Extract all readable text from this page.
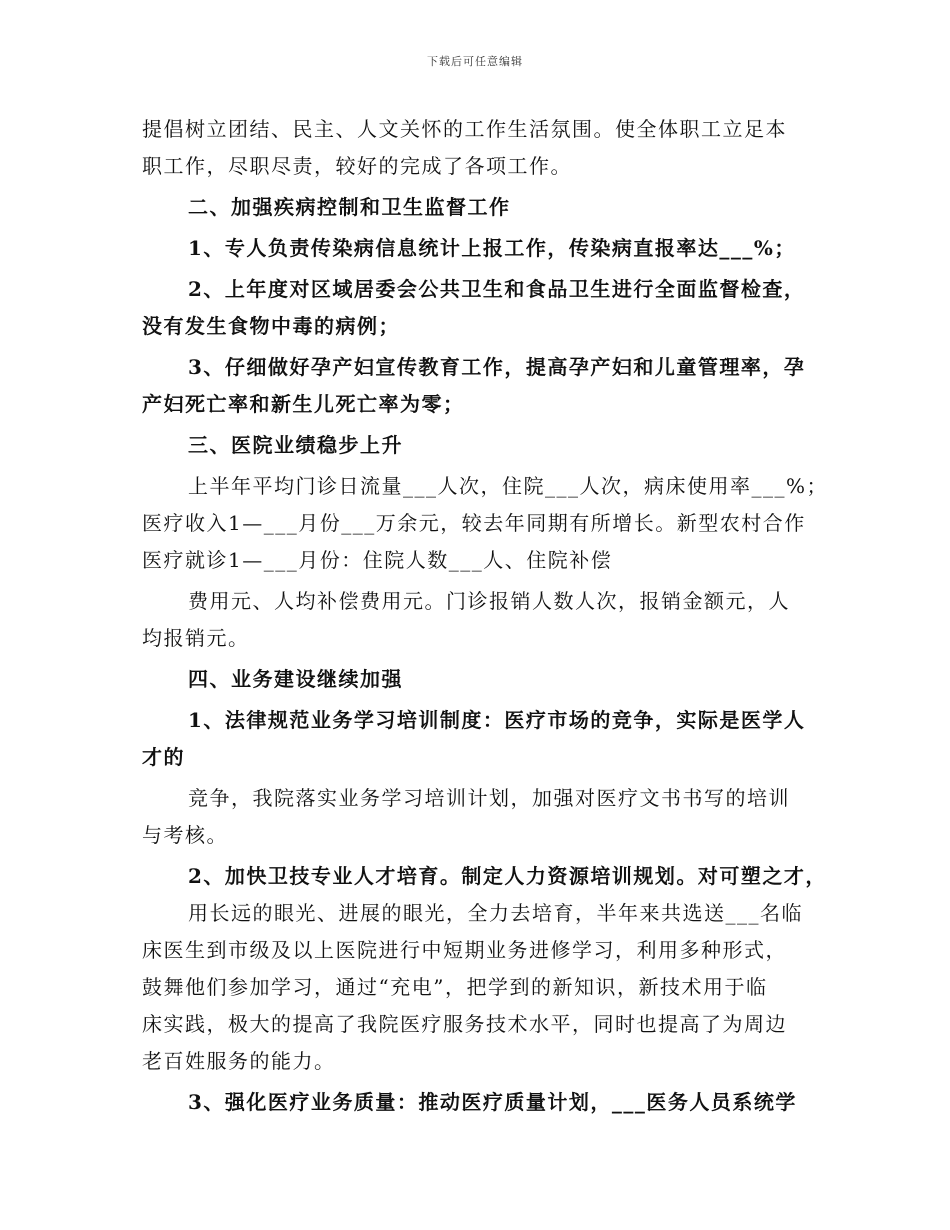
下载后可任意编辑
提倡树立团结、民主、人文关怀的工作生活氛围。使全体职工立足本
职工作，尽职尽责，较好的完成了各项工作。
二、加强疾病控制和卫生监督工作
1、专人负责传染病信息统计上报工作，传染病直报率达___%；
2、上年度对区域居委会公共卫生和食品卫生进行全面监督检查，
没有发生食物中毒的病例；
3、仔细做好孕产妇宣传教育工作，提高孕产妇和儿童管理率，孕
产妇死亡率和新生儿死亡率为零；
三、医院业绩稳步上升
上半年平均门诊日流量___人次，住院___人次，病床使用率___%；
医疗收入1—___月份___万余元，较去年同期有所增长。新型农村合作
医疗就诊1—___月份：住院人数___人、住院补偿
费用元、人均补偿费用元。门诊报销人数人次，报销金额元，人
均报销元。
四、业务建设继续加强
1、法律规范业务学习培训制度：医疗市场的竞争，实际是医学人
才的
竞争，我院落实业务学习培训计划，加强对医疗文书书写的培训
与考核。
2、加快卫技专业人才培育。制定人力资源培训规划。对可塑之才，
用长远的眼光、进展的眼光，全力去培育，半年来共选送___名临
床医生到市级及以上医院进行中短期业务进修学习，利用多种形式，
鼓舞他们参加学习，通过“充电”，把学到的新知识，新技术用于临
床实践，极大的提高了我院医疗服务技术水平，同时也提高了为周边
老百姓服务的能力。
3、强化医疗业务质量：推动医疗质量计划，___医务人员系统学
